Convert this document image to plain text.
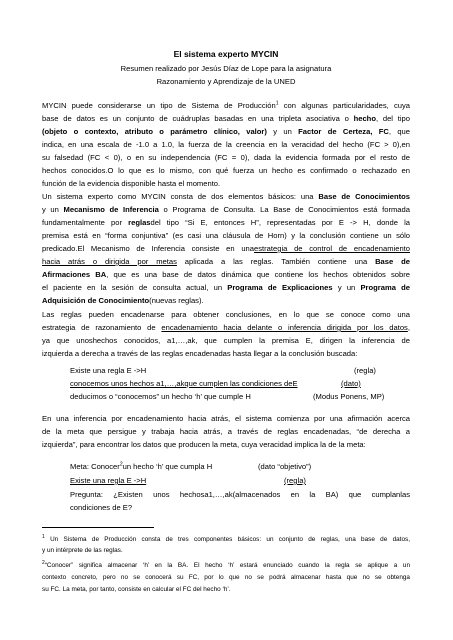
El sistema experto MYCIN
Resumen realizado por Jesús Díaz de Lope para la asignatura
Razonamiento y Aprendizaje de la UNED
MYCIN puede considerarse un tipo de Sistema de Producción$^1$ con algunas particularidades, cuya
base de datos es un conjunto de cuádruplas basadas en una tripleta asociativa o hecho, del tipo
(objeto o contexto, atributo o parámetro clínico, valor) y un Factor de Certeza, FC, que
indica, en una escala de -1.0 a 1.0, la fuerza de la creencia en la veracidad del hecho (FC > 0),en
su falsedad (FC < 0), o en su independencia (FC = 0), dada la evidencia formada por el resto de
hechos conocidos.O lo que es lo mismo, con qué fuerza un hecho es confirmado o rechazado en
función de la evidencia disponible hasta el momento.
Un sistema experto como MYCIN consta de dos elementos básicos: una Base de Conocimientos
y un Mecanismo de Inferencia o Programa de Consulta. La Base de Conocimientos está formada
fundamentalmente por reglasdel tipo “Si E, entonces H”, representadas por E -> H, donde la
premisa está en “forma conjuntiva” (es casi una cláusula de Horn) y la conclusión contiene un sólo
predicado.El Mecanismo de Inferencia consiste en unaestrategia de control de encadenamiento
hacia atrás o dirigida por metas aplicada a las reglas. También contiene una Base de
Afirmaciones BA, que es una base de datos dinámica que contiene los hechos obtenidos sobre
el paciente en la sesión de consulta actual, un Programa de Explicaciones y un Programa de
Adquisición de Conocimiento(nuevas reglas).
Las reglas pueden encadenarse para obtener conclusiones, en lo que se conoce como una
estrategia de razonamiento de encadenamiento hacia delante o inferencia dirigida por los datos,
ya que unoshechos conocidos, a1,…,ak, que cumplen la premisa E, dirigen la inferencia de
izquierda a derecha a través de las reglas encadenadas hasta llegar a la conclusión buscada:
Existe una regla E ->H	(regla)
conocemos unos hechos a1,…,akque cumplen las condiciones deE	(dato)
deducimos o “conocemos” un hecho ‘h’ que cumple H	(Modus Ponens, MP)
En una inferencia por encadenamiento hacia atrás, el sistema comienza por una afirmación acerca
de la meta que persigue y trabaja hacia atrás, a través de reglas encadenadas, “de derecha a
izquierda”, para encontrar los datos que producen la meta, cuya veracidad implica la de la meta:
Meta: Conocer$^2$un hecho ‘h’ que cumpla H	(dato “objetivo”)
Existe una regla E ->H	(regla)
Pregunta: ¿Existen unos hechosa1,…,ak(almacenados en la BA) que cumplanlas
condiciones de E?
$^1$ Un Sistema de Producción consta de tres componentes básicos: un conjunto de reglas, una base de datos,
y un intérprete de las reglas.
$^2$“Conocer” significa almacenar ‘h’ en la BA. El hecho ‘h’ estará enunciado cuando la regla se aplique a un
contexto concreto, pero no se conocerá su FC, por lo que no se podrá almacenar hasta que no se obtenga
su FC. La meta, por tanto, consiste en calcular el FC del hecho ‘h’.
